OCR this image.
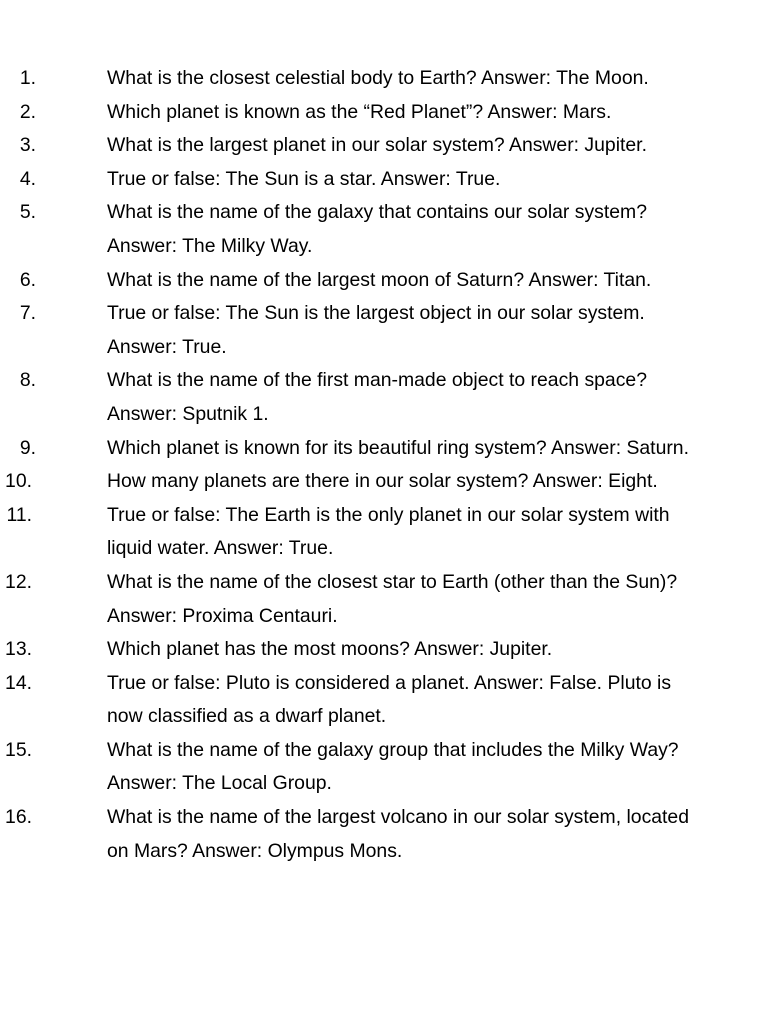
1.	What is the closest celestial body to Earth? Answer: The Moon.
2.	Which planet is known as the “Red Planet”? Answer: Mars.
3.	What is the largest planet in our solar system? Answer: Jupiter.
4.	True or false: The Sun is a star. Answer: True.
5.	What is the name of the galaxy that contains our solar system? Answer: The Milky Way.
6.	What is the name of the largest moon of Saturn? Answer: Titan.
7.	True or false: The Sun is the largest object in our solar system. Answer: True.
8.	What is the name of the first man-made object to reach space? Answer: Sputnik 1.
9.	Which planet is known for its beautiful ring system? Answer: Saturn.
10.	How many planets are there in our solar system? Answer: Eight.
11.	True or false: The Earth is the only planet in our solar system with liquid water. Answer: True.
12.	What is the name of the closest star to Earth (other than the Sun)? Answer: Proxima Centauri.
13.	Which planet has the most moons? Answer: Jupiter.
14.	True or false: Pluto is considered a planet. Answer: False. Pluto is now classified as a dwarf planet.
15.	What is the name of the galaxy group that includes the Milky Way? Answer: The Local Group.
16.	What is the name of the largest volcano in our solar system, located on Mars? Answer: Olympus Mons.
